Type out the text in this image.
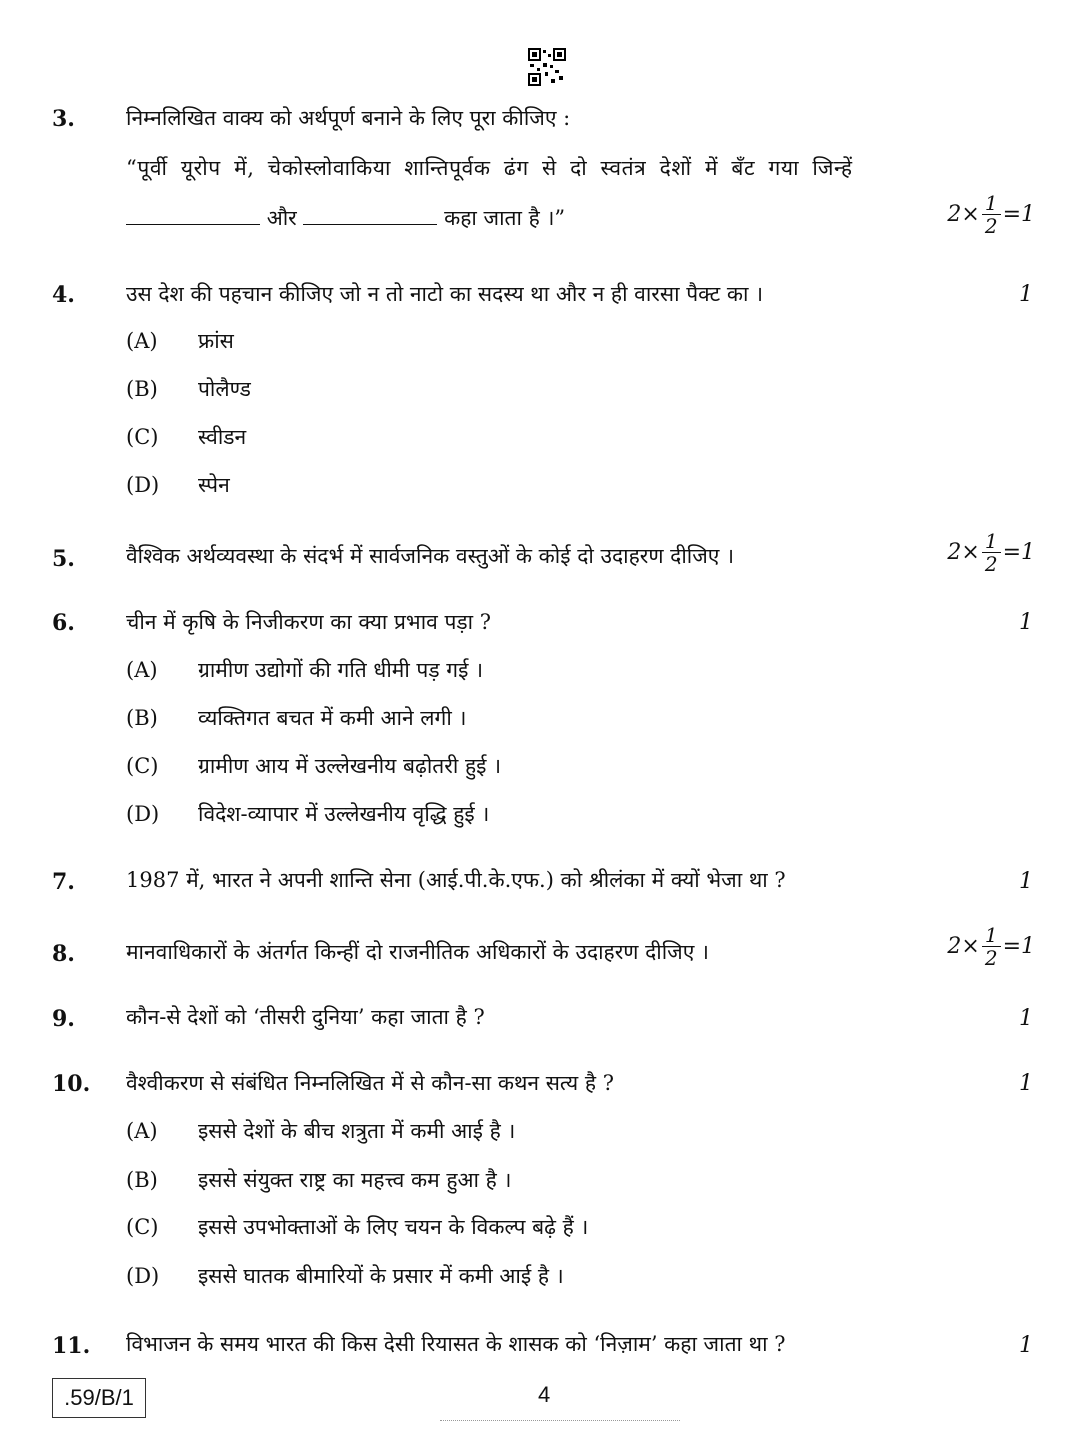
3. निम्नलिखित वाक्य को अर्थपूर्ण बनाने के लिए पूरा कीजिए :
“पूर्वी यूरोप में, चेकोस्लोवाकिया शान्तिपूर्वक ढंग से दो स्वतंत्र देशों में बँट गया जिन्हें
और	कहा जाता है ।”	$2\times \frac{1}{2} =1$
4. उस देश की पहचान कीजिए जो न तो नाटो का सदस्य था और न ही वारसा पैक्ट का ।	1
(A) फ्रांस
(B) पोलैण्ड
(C) स्वीडन
(D) स्पेन
5. वैश्विक अर्थव्यवस्था के संदर्भ में सार्वजनिक वस्तुओं के कोई दो उदाहरण दीजिए ।	$2\times \frac{1}{2} =1$
6. चीन में कृषि के निजीकरण का क्या प्रभाव पड़ा ?	1
(A) ग्रामीण उद्योगों की गति धीमी पड़ गई ।
(B) व्यक्तिगत बचत में कमी आने लगी ।
(C) ग्रामीण आय में उल्लेखनीय बढ़ोतरी हुई ।
(D) विदेश-व्यापार में उल्लेखनीय वृद्धि हुई ।
7. 1987 में, भारत ने अपनी शान्ति सेना (आई.पी.के.एफ.) को श्रीलंका में क्यों भेजा था ?	1
8. मानवाधिकारों के अंतर्गत किन्हीं दो राजनीतिक अधिकारों के उदाहरण दीजिए ।	$2\times \frac{1}{2} =1$
9. कौन-से देशों को ‘तीसरी दुनिया’ कहा जाता है ?	1
10. वैश्वीकरण से संबंधित निम्नलिखित में से कौन-सा कथन सत्य है ?	1
(A) इससे देशों के बीच शत्रुता में कमी आई है ।
(B) इससे संयुक्त राष्ट्र का महत्त्व कम हुआ है ।
(C) इससे उपभोक्ताओं के लिए चयन के विकल्प बढ़े हैं ।
(D) इससे घातक बीमारियों के प्रसार में कमी आई है ।
11. विभाजन के समय भारत की किस देसी रियासत के शासक को ‘निज़ाम’ कहा जाता था ?	1
.59/B/1	4
